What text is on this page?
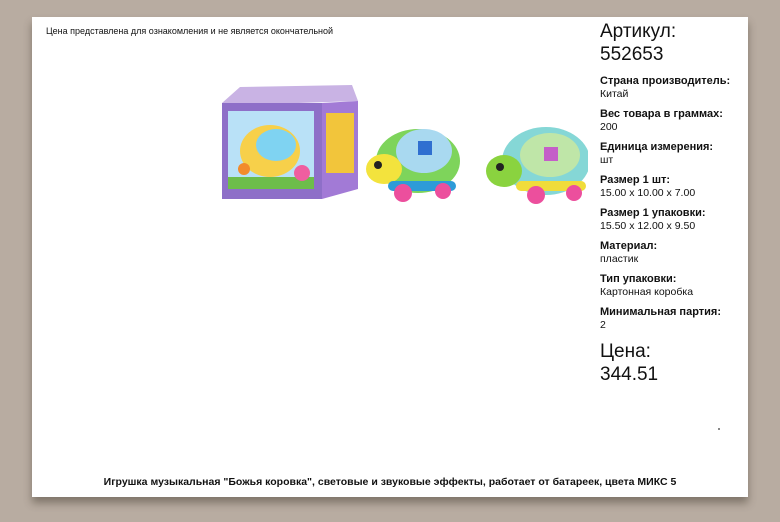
Цена представлена для ознакомления и не является окончательной	Артикул:
552653
Страна производитель:
Китай
Вес товара в граммах:
200
Единица измерения:
шт
Размер 1 шт:
15.00 x 10.00 x 7.00
Размер 1 упаковки:
15.50 x 12.00 x 9.50
Материал:
пластик
Тип упаковки:
Картонная коробка
Минимальная партия:
2
Цена:
344.51
Игрушка музыкальная "Божья коровка", световые и звуковые эффекты, работает от батареек, цвета МИКС 5
